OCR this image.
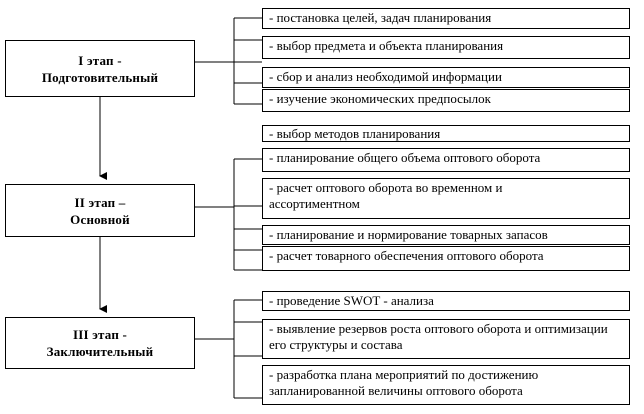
I этап -
Подготовительный
II этап –
Основной
III этап -
Заключительный
- постановка целей, задач планирования
- выбор предмета и объекта планирования
- сбор и анализ необходимой информации
- изучение экономических предпосылок
- выбор методов планирования
- планирование общего объема оптового оборота
- расчет оптового оборота во временном и ассортиментном
- планирование и нормирование товарных запасов
- расчет товарного обеспечения оптового оборота
- проведение SWOT - анализа
- выявление резервов роста оптового оборота и оптимизации его структуры и состава
- разработка плана мероприятий по достижению запланированной величины оптового оборота
